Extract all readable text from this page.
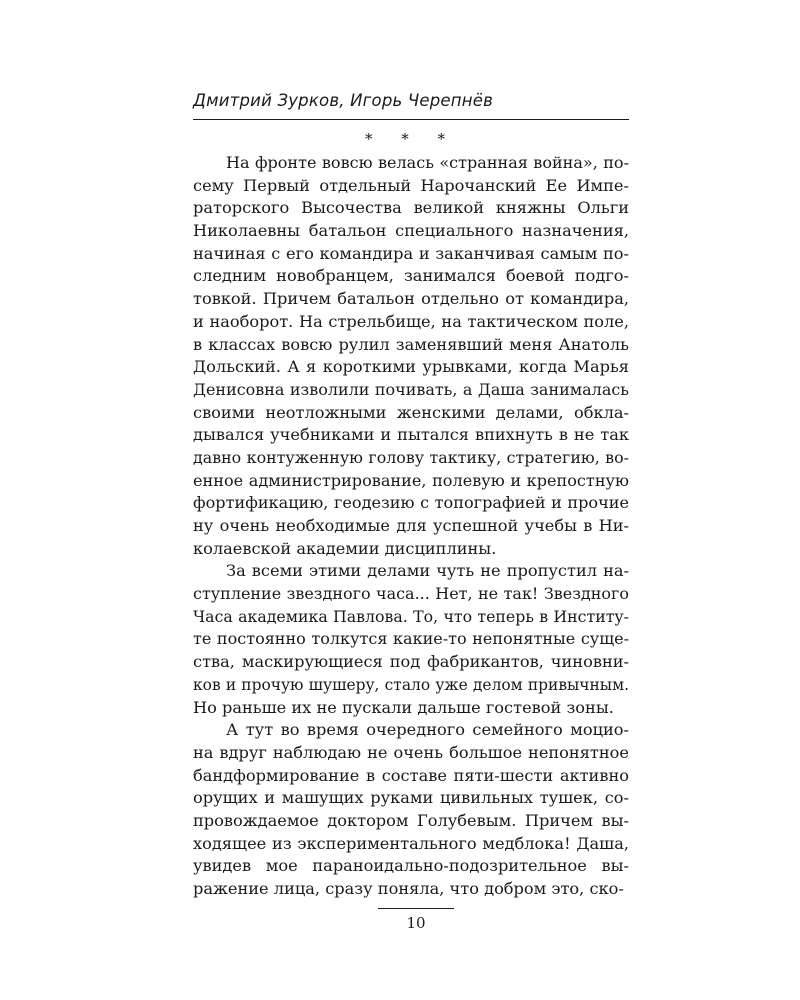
Дмитрий Зурков, Игорь Черепнёв
* * *
На фронте вовсю велась «странная война», по-
сему Первый отдельный Нарочанский Ее Импе-
раторского Высочества великой княжны Ольги
Николаевны батальон специального назначения,
начиная с его командира и заканчивая самым по-
следним новобранцем, занимался боевой подго-
товкой. Причем батальон отдельно от командира,
и наоборот. На стрельбище, на тактическом поле,
в классах вовсю рулил заменявший меня Анатоль
Дольский. А я короткими урывками, когда Марья
Денисовна изволили почивать, а Даша занималась
своими неотложными женскими делами, обкла-
дывался учебниками и пытался впихнуть в не так
давно контуженную голову тактику, стратегию, во-
енное администрирование, полевую и крепостную
фортификацию, геодезию с топографией и прочие
ну очень необходимые для успешной учебы в Ни-
колаевской академии дисциплины.
За всеми этими делами чуть не пропустил на-
ступление звездного часа... Нет, не так! Звездного
Часа академика Павлова. То, что теперь в Институ-
те постоянно толкутся какие-то непонятные суще-
ства, маскирующиеся под фабрикантов, чиновни-
ков и прочую шушеру, стало уже делом привычным.
Но раньше их не пускали дальше гостевой зоны.
А тут во время очередного семейного моцио-
на вдруг наблюдаю не очень большое непонятное
бандформирование в составе пяти-шести активно
орущих и машущих руками цивильных тушек, со-
провождаемое доктором Голубевым. Причем вы-
ходящее из экспериментального медблока! Даша,
увидев мое параноидально-подозрительное вы-
ражение лица, сразу поняла, что добром это, ско-
10
